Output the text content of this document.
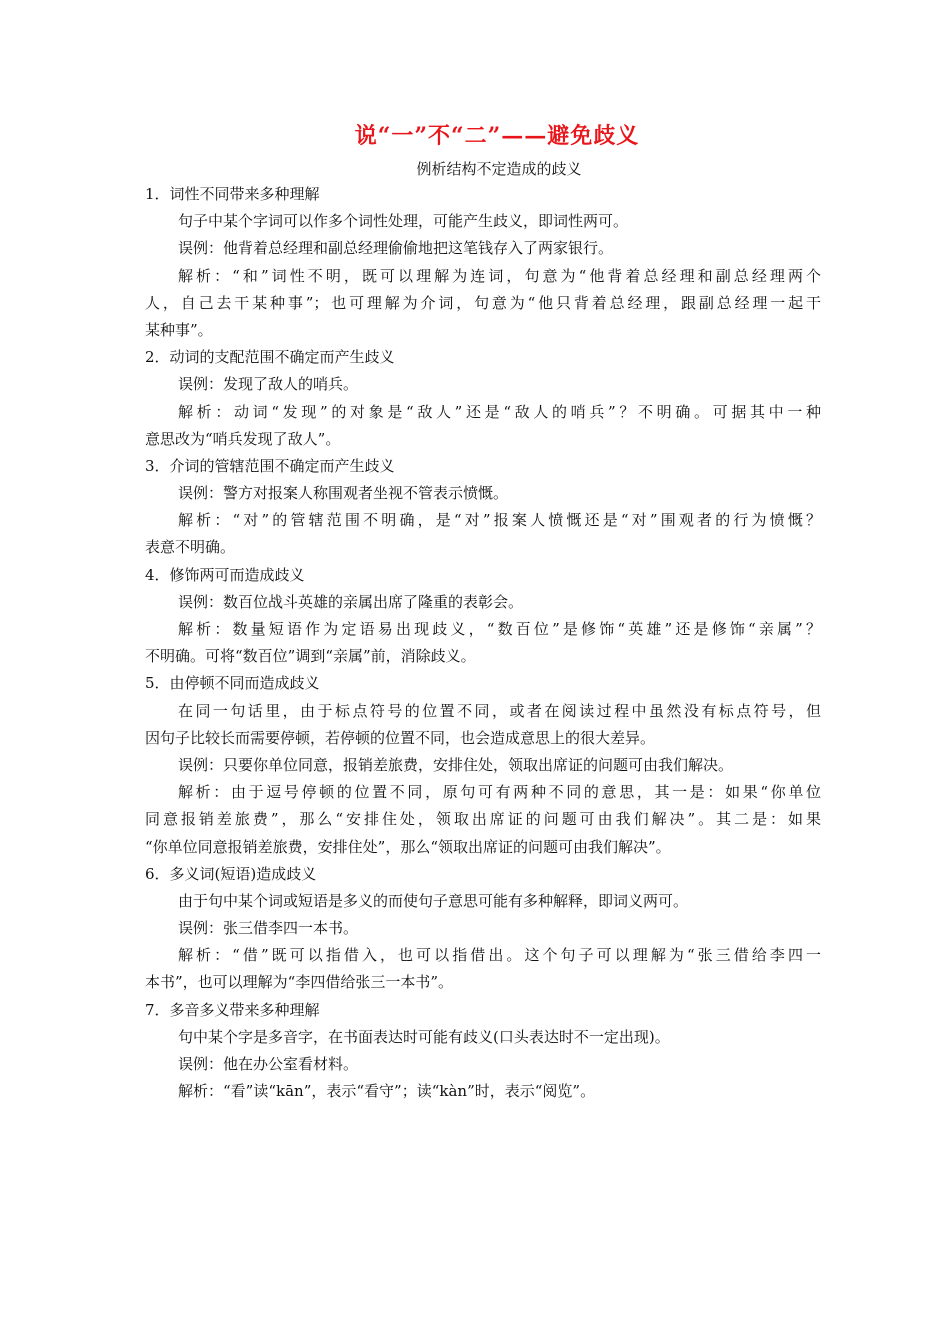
说“一”不“二”——避免歧义
例析结构不定造成的歧义
1．词性不同带来多种理解
句子中某个字词可以作多个词性处理，可能产生歧义，即词性两可。
误例：他背着总经理和副总经理偷偷地把这笔钱存入了两家银行。
解析：“和”词性不明，既可以理解为连词，句意为“他背着总经理和副总经理两个
人，自己去干某种事”；也可理解为介词，句意为“他只背着总经理，跟副总经理一起干
某种事”。
2．动词的支配范围不确定而产生歧义
误例：发现了敌人的哨兵。
解析：动词“发现”的对象是“敌人”还是“敌人的哨兵”？不明确。可据其中一种
意思改为“哨兵发现了敌人”。
3．介词的管辖范围不确定而产生歧义
误例：警方对报案人称围观者坐视不管表示愤慨。
解析：“对”的管辖范围不明确，是“对”报案人愤慨还是“对”围观者的行为愤慨？
表意不明确。
4．修饰两可而造成歧义
误例：数百位战斗英雄的亲属出席了隆重的表彰会。
解析：数量短语作为定语易出现歧义，“数百位”是修饰“英雄”还是修饰“亲属”？
不明确。可将“数百位”调到“亲属”前，消除歧义。
5．由停顿不同而造成歧义
在同一句话里，由于标点符号的位置不同，或者在阅读过程中虽然没有标点符号，但
因句子比较长而需要停顿，若停顿的位置不同，也会造成意思上的很大差异。
误例：只要你单位同意，报销差旅费，安排住处，领取出席证的问题可由我们解决。
解析：由于逗号停顿的位置不同，原句可有两种不同的意思，其一是：如果“你单位
同意报销差旅费”，那么“安排住处，领取出席证的问题可由我们解决”。其二是：如果
“你单位同意报销差旅费，安排住处”，那么“领取出席证的问题可由我们解决”。
6．多义词(短语)造成歧义
由于句中某个词或短语是多义的而使句子意思可能有多种解释，即词义两可。
误例：张三借李四一本书。
解析：“借”既可以指借入，也可以指借出。这个句子可以理解为“张三借给李四一
本书”，也可以理解为“李四借给张三一本书”。
7．多音多义带来多种理解
句中某个字是多音字，在书面表达时可能有歧义(口头表达时不一定出现)。
误例：他在办公室看材料。
解析：“看”读“kān”，表示“看守”；读“kàn”时，表示“阅览”。
